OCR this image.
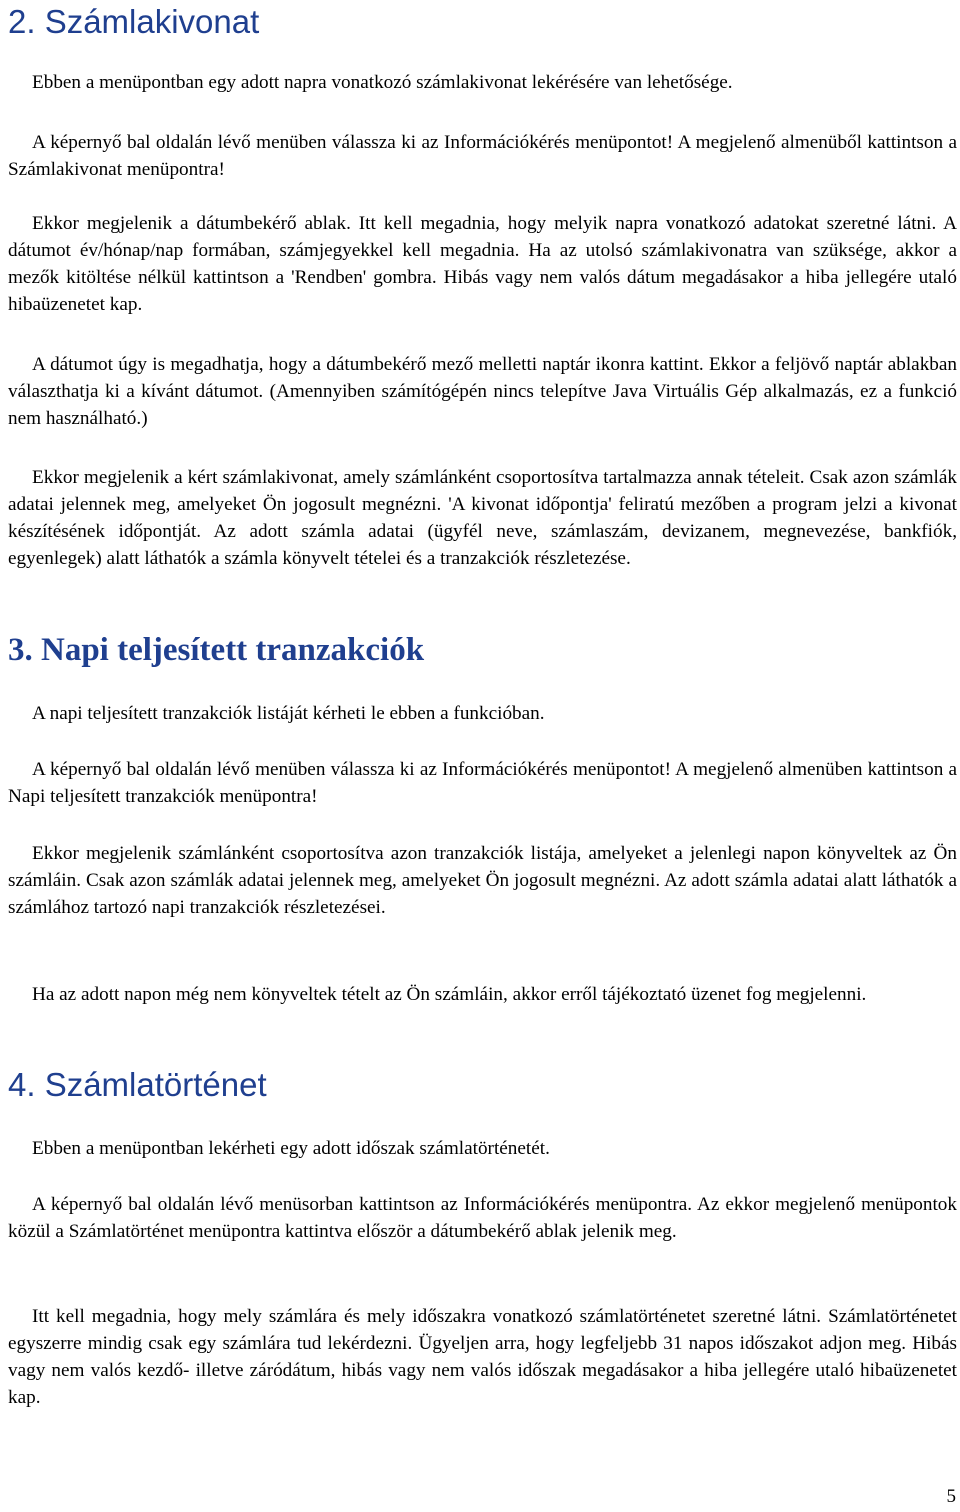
2. Számlakivonat

Ebben a menüpontban egy adott napra vonatkozó számlakivonat lekérésére van lehetősége.

A képernyő bal oldalán lévő menüben válassza ki az Információkérés menüpontot! A megjelenő almenüből kattintson a Számlakivonat menüpontra!

Ekkor megjelenik a dátumbekérő ablak. Itt kell megadnia, hogy melyik napra vonatkozó adatokat szeretné látni. A dátumot év/hónap/nap formában, számjegyekkel kell megadnia. Ha az utolsó számlakivonatra van szüksége, akkor a mezők kitöltése nélkül kattintson a 'Rendben' gombra. Hibás vagy nem valós dátum megadásakor a hiba jellegére utaló hibaüzenetet kap.

A dátumot úgy is megadhatja, hogy a dátumbekérő mező melletti naptár ikonra kattint. Ekkor a feljövő naptár ablakban választhatja ki a kívánt dátumot. (Amennyiben számítógépén nincs telepítve Java Virtuális Gép alkalmazás, ez a funkció nem használható.)

Ekkor megjelenik a kért számlakivonat, amely számlánként csoportosítva tartalmazza annak tételeit. Csak azon számlák adatai jelennek meg, amelyeket Ön jogosult megnézni. 'A kivonat időpontja' feliratú mezőben a program jelzi a kivonat készítésének időpontját. Az adott számla adatai (ügyfél neve, számlaszám, devizanem, megnevezése, bankfiók, egyenlegek) alatt láthatók a számla könyvelt tételei és a tranzakciók részletezése.

3. Napi teljesített tranzakciók

A napi teljesített tranzakciók listáját kérheti le ebben a funkcióban.

A képernyő bal oldalán lévő menüben válassza ki az Információkérés menüpontot! A megjelenő almenüben kattintson a Napi teljesített tranzakciók menüpontra!

Ekkor megjelenik számlánként csoportosítva azon tranzakciók listája, amelyeket a jelenlegi napon könyveltek az Ön számláin. Csak azon számlák adatai jelennek meg, amelyeket Ön jogosult megnézni. Az adott számla adatai alatt láthatók a számlához tartozó napi tranzakciók részletezései.

Ha az adott napon még nem könyveltek tételt az Ön számláin, akkor erről tájékoztató üzenet fog megjelenni.

4. Számlatörténet

Ebben a menüpontban lekérheti egy adott időszak számlatörténetét.

A képernyő bal oldalán lévő menüsorban kattintson az Információkérés menüpontra. Az ekkor megjelenő menüpontok közül a Számlatörténet menüpontra kattintva először a dátumbekérő ablak jelenik meg.

Itt kell megadnia, hogy mely számlára és mely időszakra vonatkozó számlatörténetet szeretné látni. Számlatörténetet egyszerre mindig csak egy számlára tud lekérdezni. Ügyeljen arra, hogy legfeljebb 31 napos időszakot adjon meg. Hibás vagy nem valós kezdő- illetve záródátum, hibás vagy nem valós időszak megadásakor a hiba jellegére utaló hibaüzenetet kap.

5
